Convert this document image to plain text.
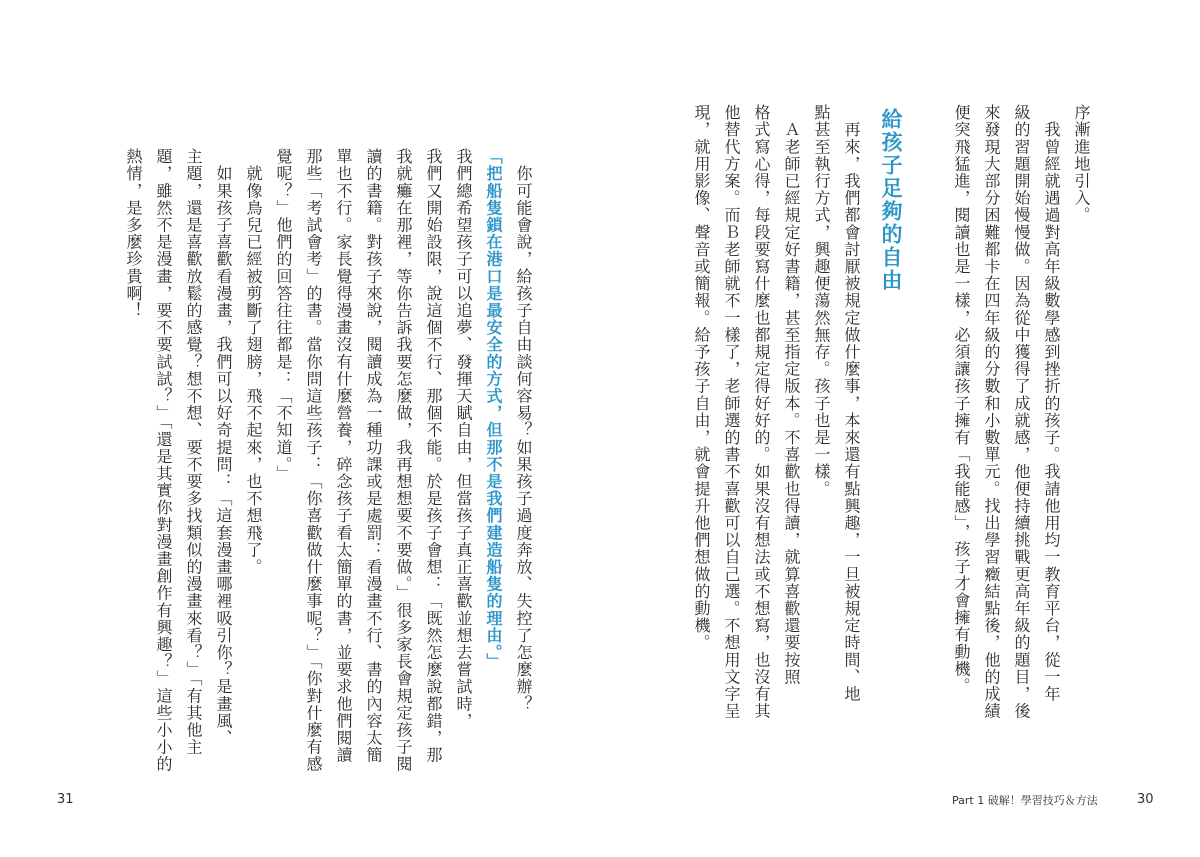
序漸進地引入。

　我曾經就遇過對高年級數學感到挫折的孩子。我請他用均一教育平台，從一年

級的習題開始慢慢做。因為從中獲得了成就感，他便持續挑戰更高年級的題目，後

來發現大部分困難都卡在四年級的分數和小數單元。找出學習癥結點後，他的成績

便突飛猛進，閱讀也是一樣，必須讓孩子擁有「我能感」，孩子才會擁有動機。

給孩子足夠的自由

　再來，我們都會討厭被規定做什麼事，本來還有點興趣，一旦被規定時間、地

點甚至執行方式，興趣便蕩然無存。孩子也是一樣。

　Ａ老師已經規定好書籍，甚至指定版本。不喜歡也得讀，就算喜歡還要按照

格式寫心得，每段要寫什麼也都規定得好好的。如果沒有想法或不想寫，也沒有其

他替代方案。而Ｂ老師就不一樣了，老師選的書不喜歡可以自己選。不想用文字呈

現，就用影像、聲音或簡報。給予孩子自由，就會提升他們想做的動機。

Part 1 破解！學習技巧＆方法	30

　你可能會說，給孩子自由談何容易？如果孩子過度奔放、失控了怎麼辦？

「把船隻鎖在港口是最安全的方式，但那不是我們建造船隻的理由。」

我們總希望孩子可以追夢、發揮天賦自由，但當孩子真正喜歡並想去嘗試時，

我們又開始設限，說這個不行、那個不能。於是孩子會想：「既然怎麼說都錯，那

我就癱在那裡，等你告訴我要怎麼做，我再想想要不要做。」很多家長會規定孩子閱

讀的書籍。對孩子來說，閱讀成為一種功課或是處罰：看漫畫不行、書的內容太簡

單也不行。家長覺得漫畫沒有什麼營養，碎念孩子看太簡單的書，並要求他們閱讀

那些「考試會考」的書。當你問這些孩子：「你喜歡做什麼事呢？」「你對什麼有感

覺呢？」他們的回答往往都是：「不知道。」

　就像鳥兒已經被剪斷了翅膀，飛不起來，也不想飛了。

　如果孩子喜歡看漫畫，我們可以好奇提問：「這套漫畫哪裡吸引你？是畫風、

主題，還是喜歡放鬆的感覺？想不想、要不要多找類似的漫畫來看？」「有其他主

題，雖然不是漫畫，要不要試試？」「還是其實你對漫畫創作有興趣？」這些小小的

熱情，是多麼珍貴啊！

31
